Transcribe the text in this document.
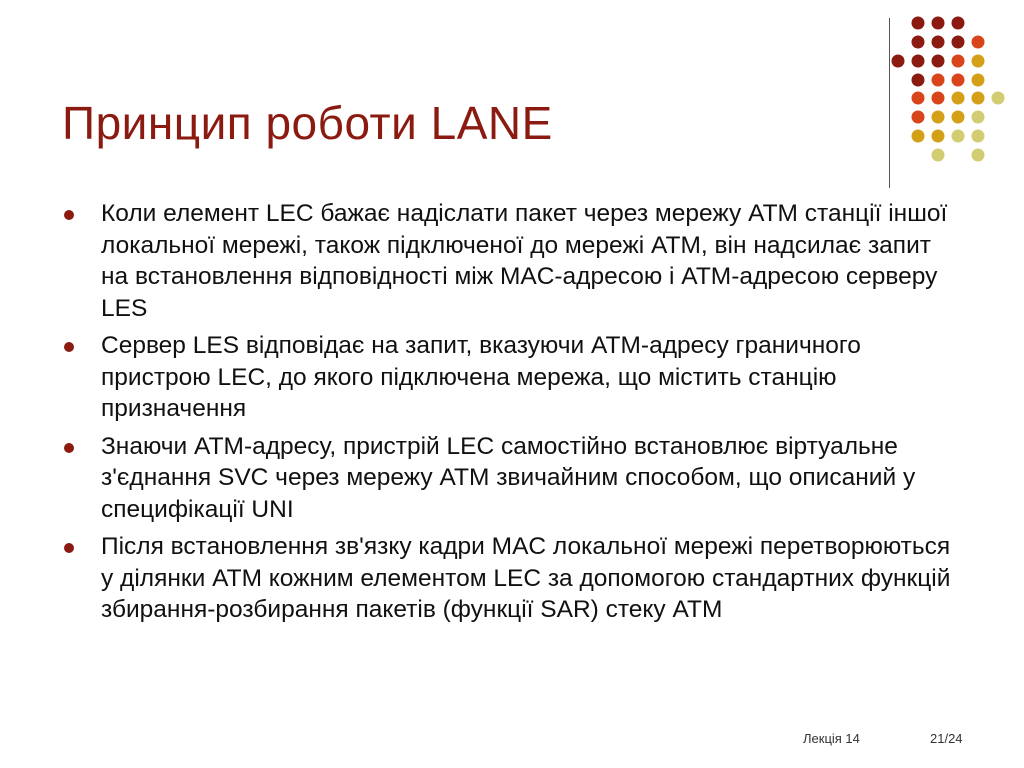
Принцип роботи LANE
Коли елемент LEC бажає надіслати пакет через мережу ATM станції іншої локальної мережі, також підключеної до мережі ATM, він надсилає запит на встановлення відповідності між MAC-адресою і ATM-адресою серверу LES
Сервер LES відповідає на запит, вказуючи ATM-адресу граничного пристрою LEC, до якого підключена мережа, що містить станцію призначення
Знаючи ATM-адресу, пристрій LEC самостійно встановлює віртуальне з'єднання SVC через мережу ATM звичайним способом, що описаний у специфікації UNI
Після встановлення зв'язку кадри MAC локальної мережі перетворюються у ділянки ATM кожним елементом LEC за допомогою стандартних функцій збирання-розбирання пакетів (функції SAR) стеку ATM
Лекція 14	21/24
